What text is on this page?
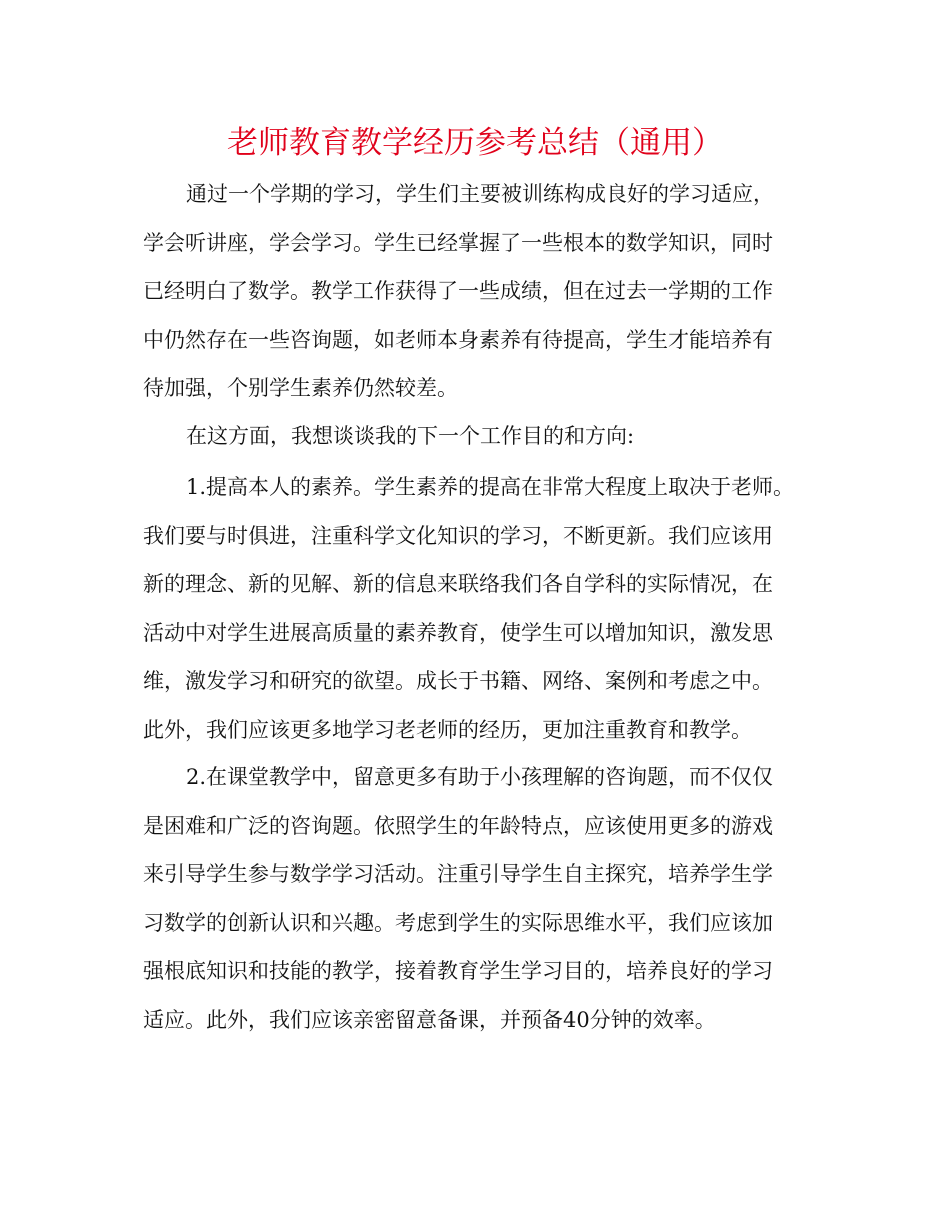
老师教育教学经历参考总结（通用）
通过一个学期的学习，学生们主要被训练构成良好的学习适应，
学会听讲座，学会学习。学生已经掌握了一些根本的数学知识，同时
已经明白了数学。教学工作获得了一些成绩，但在过去一学期的工作
中仍然存在一些咨询题，如老师本身素养有待提高，学生才能培养有
待加强，个别学生素养仍然较差。
在这方面，我想谈谈我的下一个工作目的和方向:
1.提高本人的素养。学生素养的提高在非常大程度上取决于老师。
我们要与时俱进，注重科学文化知识的学习，不断更新。我们应该用
新的理念、新的见解、新的信息来联络我们各自学科的实际情况，在
活动中对学生进展高质量的素养教育，使学生可以增加知识，激发思
维，激发学习和研究的欲望。成长于书籍、网络、案例和考虑之中。
此外，我们应该更多地学习老老师的经历，更加注重教育和教学。
2.在课堂教学中，留意更多有助于小孩理解的咨询题，而不仅仅
是困难和广泛的咨询题。依照学生的年龄特点，应该使用更多的游戏
来引导学生参与数学学习活动。注重引导学生自主探究，培养学生学
习数学的创新认识和兴趣。考虑到学生的实际思维水平，我们应该加
强根底知识和技能的教学，接着教育学生学习目的，培养良好的学习
适应。此外，我们应该亲密留意备课，并预备40分钟的效率。
